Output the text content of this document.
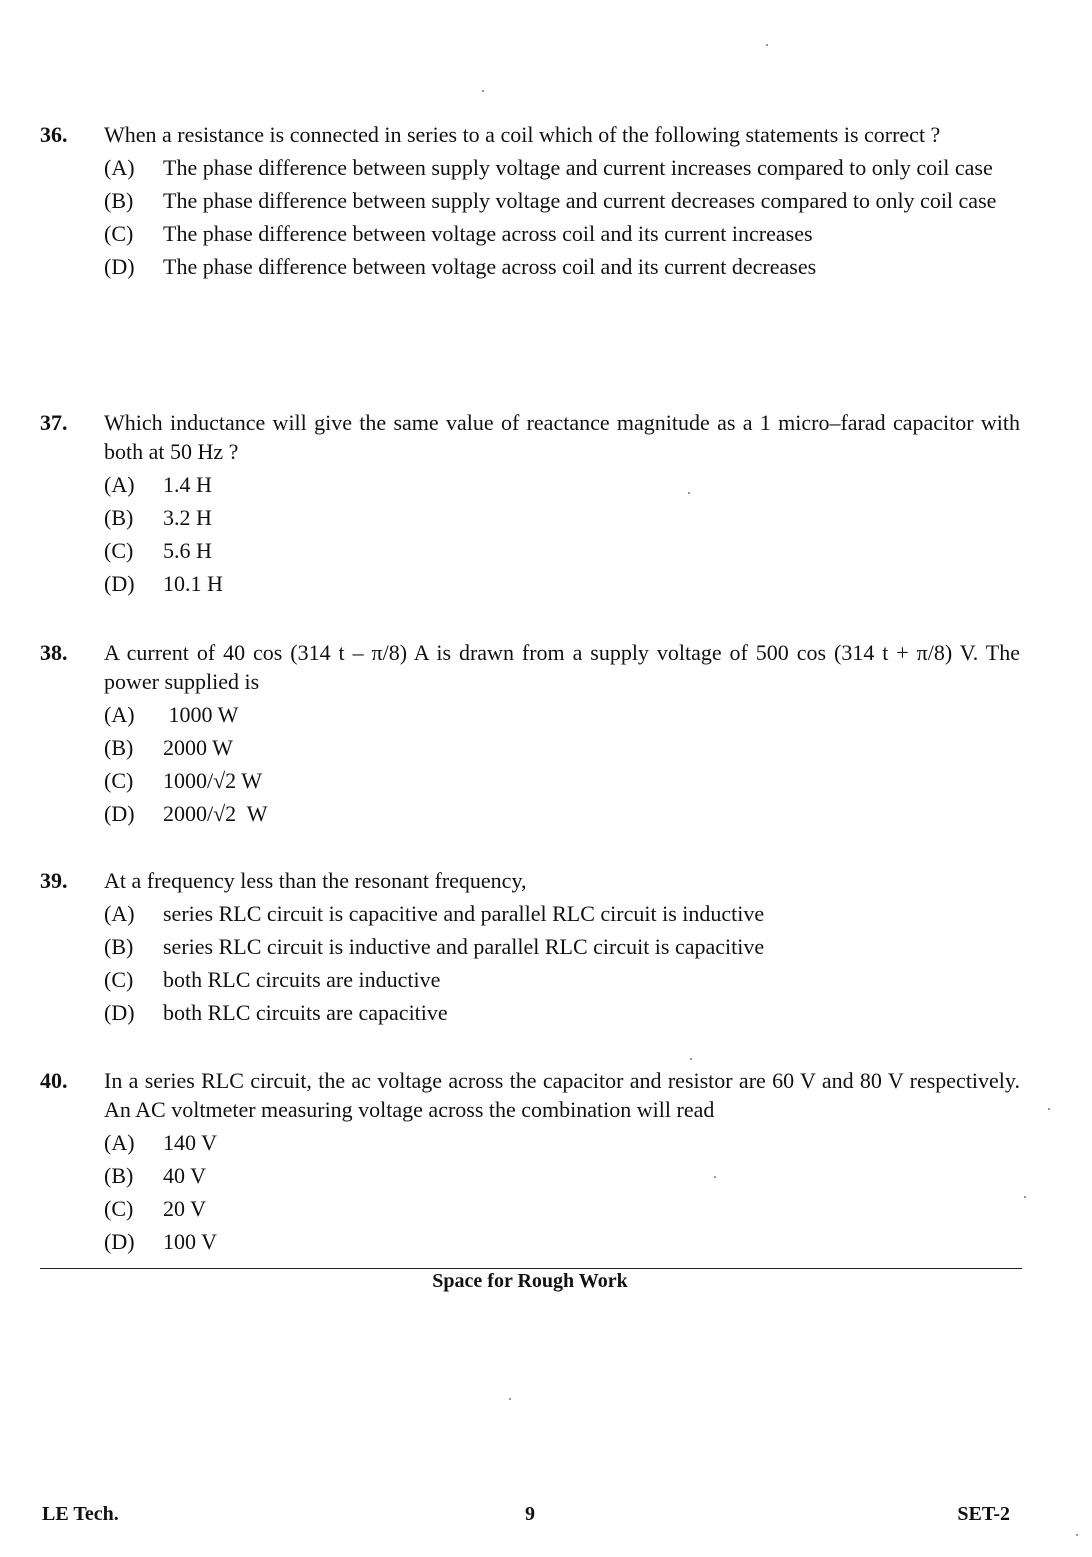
36.	When a resistance is connected in series to a coil which of the following statements is correct ?
(A)	The phase difference between supply voltage and current increases compared to only coil case
(B)	The phase difference between supply voltage and current decreases compared to only coil case
(C)	The phase difference between voltage across coil and its current increases
(D)	The phase difference between voltage across coil and its current decreases
37.	Which inductance will give the same value of reactance magnitude as a 1 micro–farad capacitor with both at 50 Hz ?
(A)	1.4 H
(B)	3.2 H
(C)	5.6 H
(D)	10.1 H
38.	A current of 40 cos (314 t – π/8) A is drawn from a supply voltage of 500 cos (314 t + π/8) V. The power supplied is
(A)	1000 W
(B)	2000 W
(C)	1000/√2 W
(D)	2000/√2  W
39.	At a frequency less than the resonant frequency,
(A)	series RLC circuit is capacitive and parallel RLC circuit is inductive
(B)	series RLC circuit is inductive and parallel RLC circuit is capacitive
(C)	both RLC circuits are inductive
(D)	both RLC circuits are capacitive
40.	In a series RLC circuit, the ac voltage across the capacitor and resistor are 60 V and 80 V respectively. An AC voltmeter measuring voltage across the combination will read
(A)	140 V
(B)	40 V
(C)	20 V
(D)	100 V
Space for Rough Work
LE Tech.	9	SET-2
